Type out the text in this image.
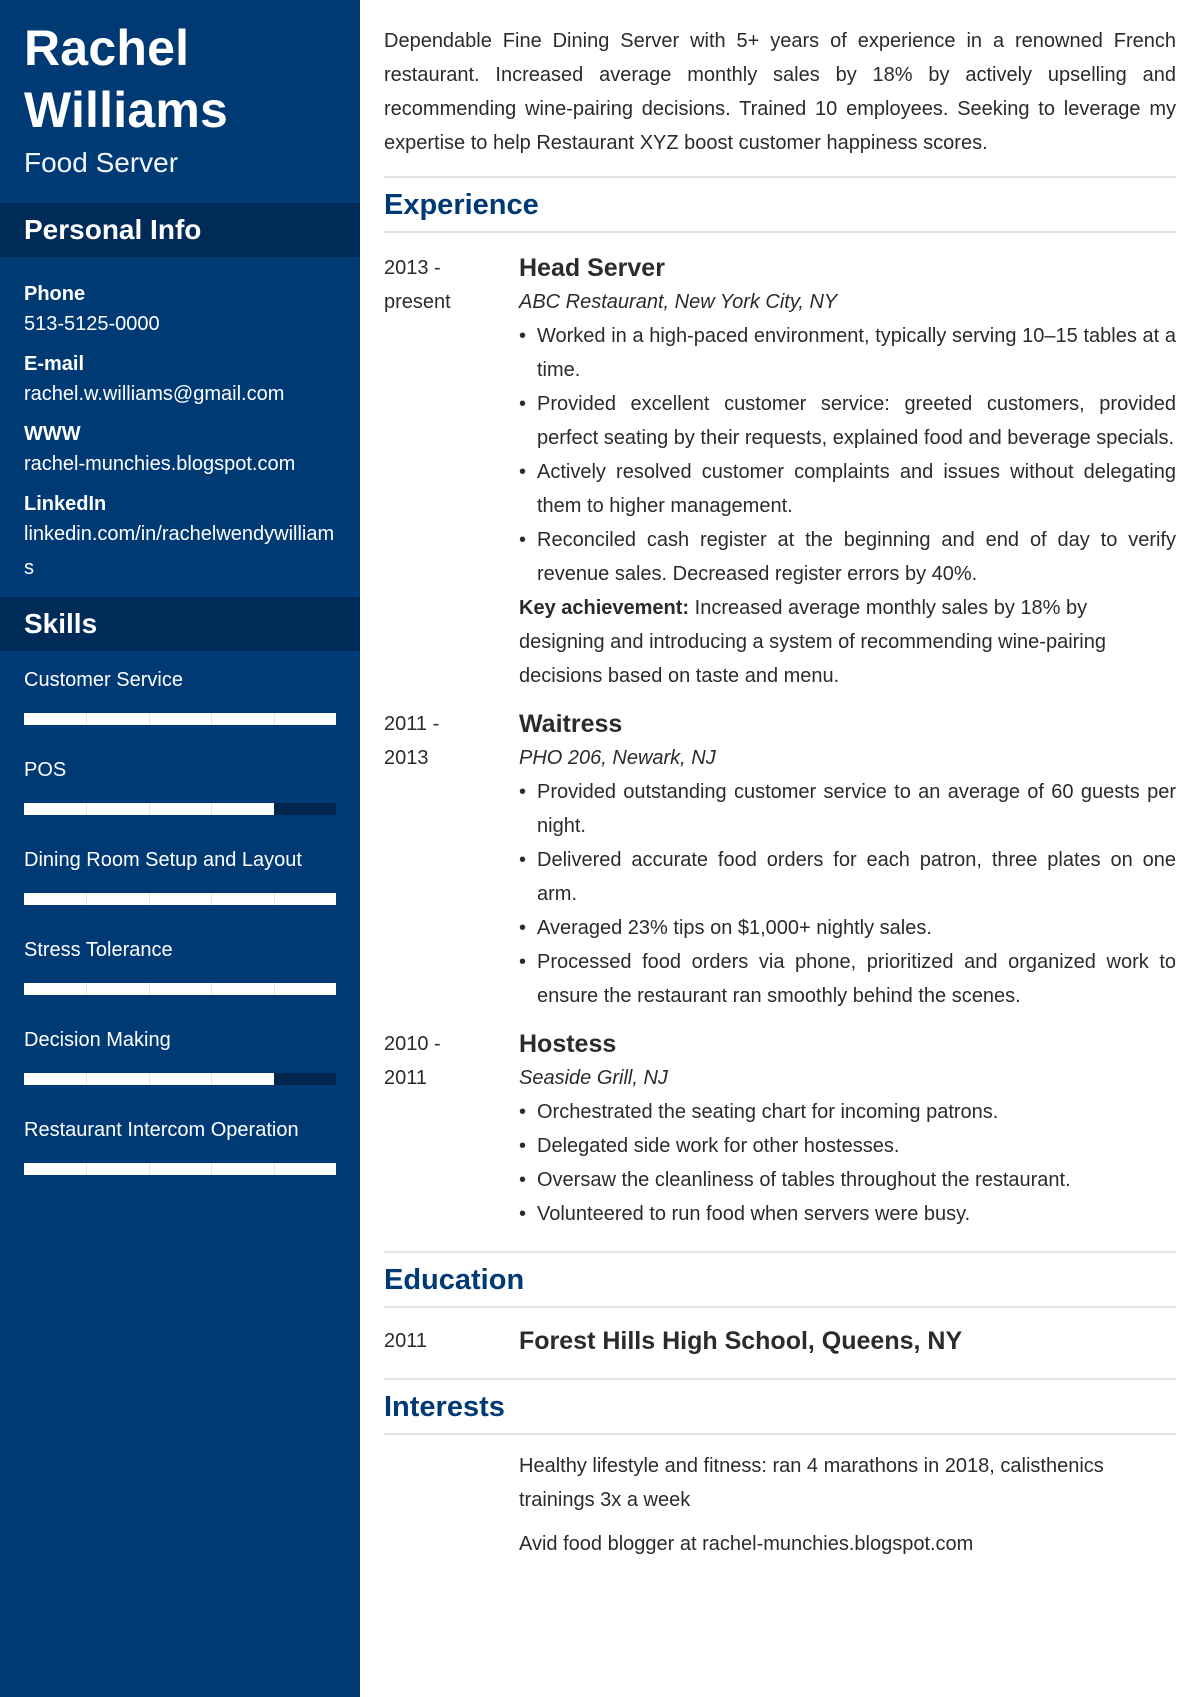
Rachel
Williams
Food Server
Personal Info
Phone
513-5125-0000
E-mail
rachel.w.williams@gmail.com
WWW
rachel-munchies.blogspot.com
LinkedIn
linkedin.com/in/rachelwendywilliams
Skills
Customer Service
POS
Dining Room Setup and Layout
Stress Tolerance
Decision Making
Restaurant Intercom Operation

Dependable Fine Dining Server with 5+ years of experience in a renowned French restaurant. Increased average monthly sales by 18% by actively upselling and recommending wine-pairing decisions. Trained 10 employees. Seeking to leverage my expertise to help Restaurant XYZ boost customer happiness scores.

Experience
2013 -
present
Head Server
ABC Restaurant, New York City, NY
• Worked in a high-paced environment, typically serving 10–15 tables at a time.
• Provided excellent customer service: greeted customers, provided perfect seating by their requests, explained food and beverage specials.
• Actively resolved customer complaints and issues without delegating them to higher management.
• Reconciled cash register at the beginning and end of day to verify revenue sales. Decreased register errors by 40%.
Key achievement: Increased average monthly sales by 18% by designing and introducing a system of recommending wine-pairing decisions based on taste and menu.
2011 -
2013
Waitress
PHO 206, Newark, NJ
• Provided outstanding customer service to an average of 60 guests per night.
• Delivered accurate food orders for each patron, three plates on one arm.
• Averaged 23% tips on $1,000+ nightly sales.
• Processed food orders via phone, prioritized and organized work to ensure the restaurant ran smoothly behind the scenes.
2010 -
2011
Hostess
Seaside Grill, NJ
• Orchestrated the seating chart for incoming patrons.
• Delegated side work for other hostesses.
• Oversaw the cleanliness of tables throughout the restaurant.
• Volunteered to run food when servers were busy.
Education
2011	Forest Hills High School, Queens, NY
Interests
Healthy lifestyle and fitness: ran 4 marathons in 2018, calisthenics trainings 3x a week
Avid food blogger at rachel-munchies.blogspot.com
